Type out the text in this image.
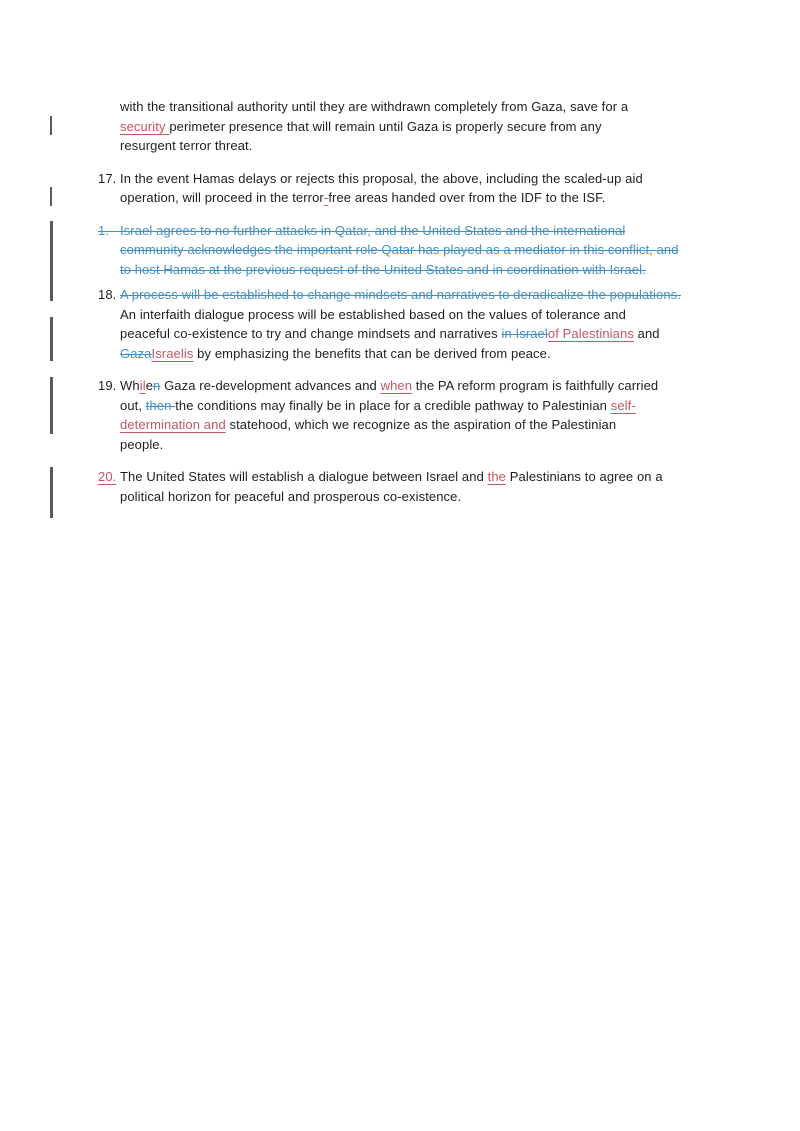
with the transitional authority until they are withdrawn completely from Gaza, save for a
security perimeter presence that will remain until Gaza is properly secure from any
resurgent terror threat.
17. In the event Hamas delays or rejects this proposal, the above, including the scaled-up aid
operation, will proceed in the terror-free areas handed over from the IDF to the ISF.
1.
Israel agrees to no further attacks in Qatar, and the United States and the international
community acknowledges the important role Qatar has played as a mediator in this conflict, and
to host Hamas at the previous request of the United States and in coordination with Israel.
18. A process will be established to change mindsets and narratives to deradicalize the populations.
An interfaith dialogue process will be established based on the values of tolerance and
peaceful co-existence to try and change mindsets and narratives in Israelof Palestinians and
GazaIsraelis by emphasizing the benefits that can be derived from peace.
19. Whilen Gaza re-development advances and when the PA reform program is faithfully carried
out, then the conditions may finally be in place for a credible pathway to Palestinian self-
determination and statehood, which we recognize as the aspiration of the Palestinian
people.
20. The United States will establish a dialogue between Israel and the Palestinians to agree on a
political horizon for peaceful and prosperous co-existence.
